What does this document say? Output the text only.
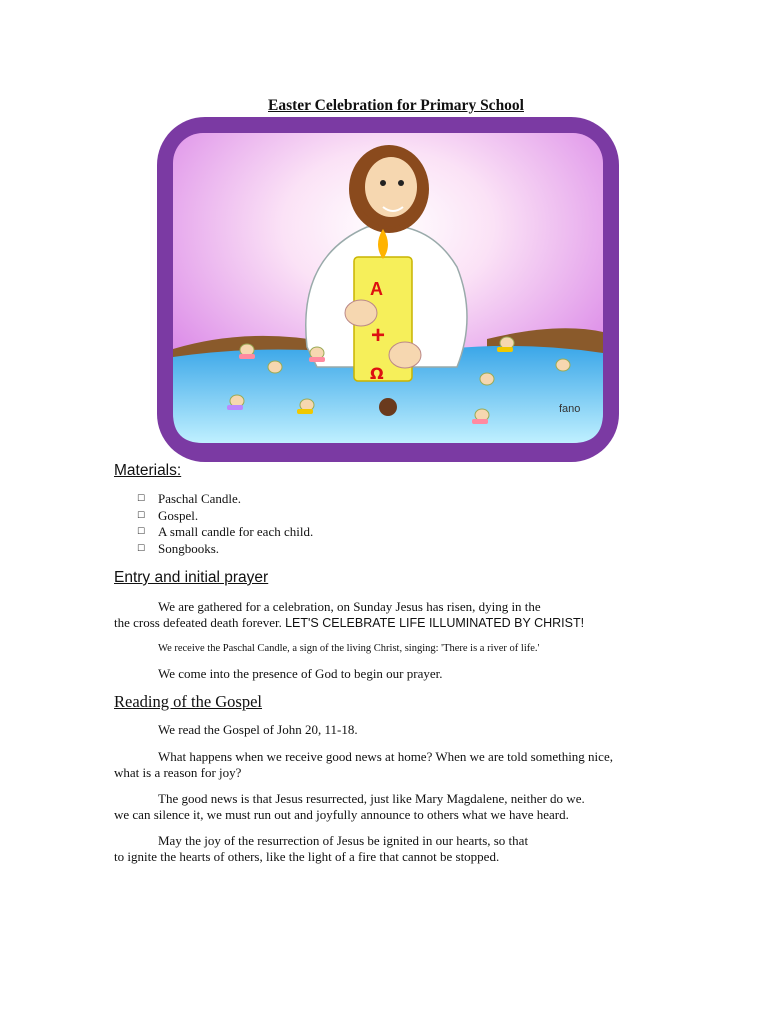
Easter Celebration for Primary School
A
+
Ω
fano
Materials:
☐ Paschal Candle.
☐ Gospel.
☐ A small candle for each child.
☐ Songbooks.
Entry and initial prayer
We are gathered for a celebration, on Sunday Jesus has risen, dying in the
the cross defeated death forever. LET'S CELEBRATE LIFE ILLUMINATED BY CHRIST!
We receive the Paschal Candle, a sign of the living Christ, singing: 'There is a river of life.'
We come into the presence of God to begin our prayer.
Reading of the Gospel
We read the Gospel of John 20, 11-18.
What happens when we receive good news at home? When we are told something nice,
what is a reason for joy?
The good news is that Jesus resurrected, just like Mary Magdalene, neither do we.
we can silence it, we must run out and joyfully announce to others what we have heard.
May the joy of the resurrection of Jesus be ignited in our hearts, so that
to ignite the hearts of others, like the light of a fire that cannot be stopped.
